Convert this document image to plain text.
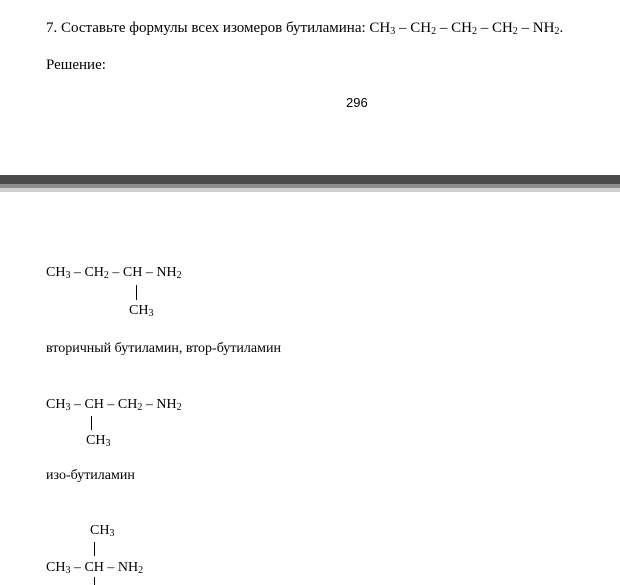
7. Составьте формулы всех изомеров бутиламина: $CH_3 - CH_2 - CH_2 - CH_2 - NH_2$.
Решение:
296
$CH_3 - CH_2$ – CH – $NH_2$
$CH_3$
вторичный бутиламин, втор-бутиламин
$CH_3$ – CH – $CH_2 - NH_2$
$CH_3$
изо-бутиламин
$CH_3$
$CH_3$ – CH – $NH_2$
